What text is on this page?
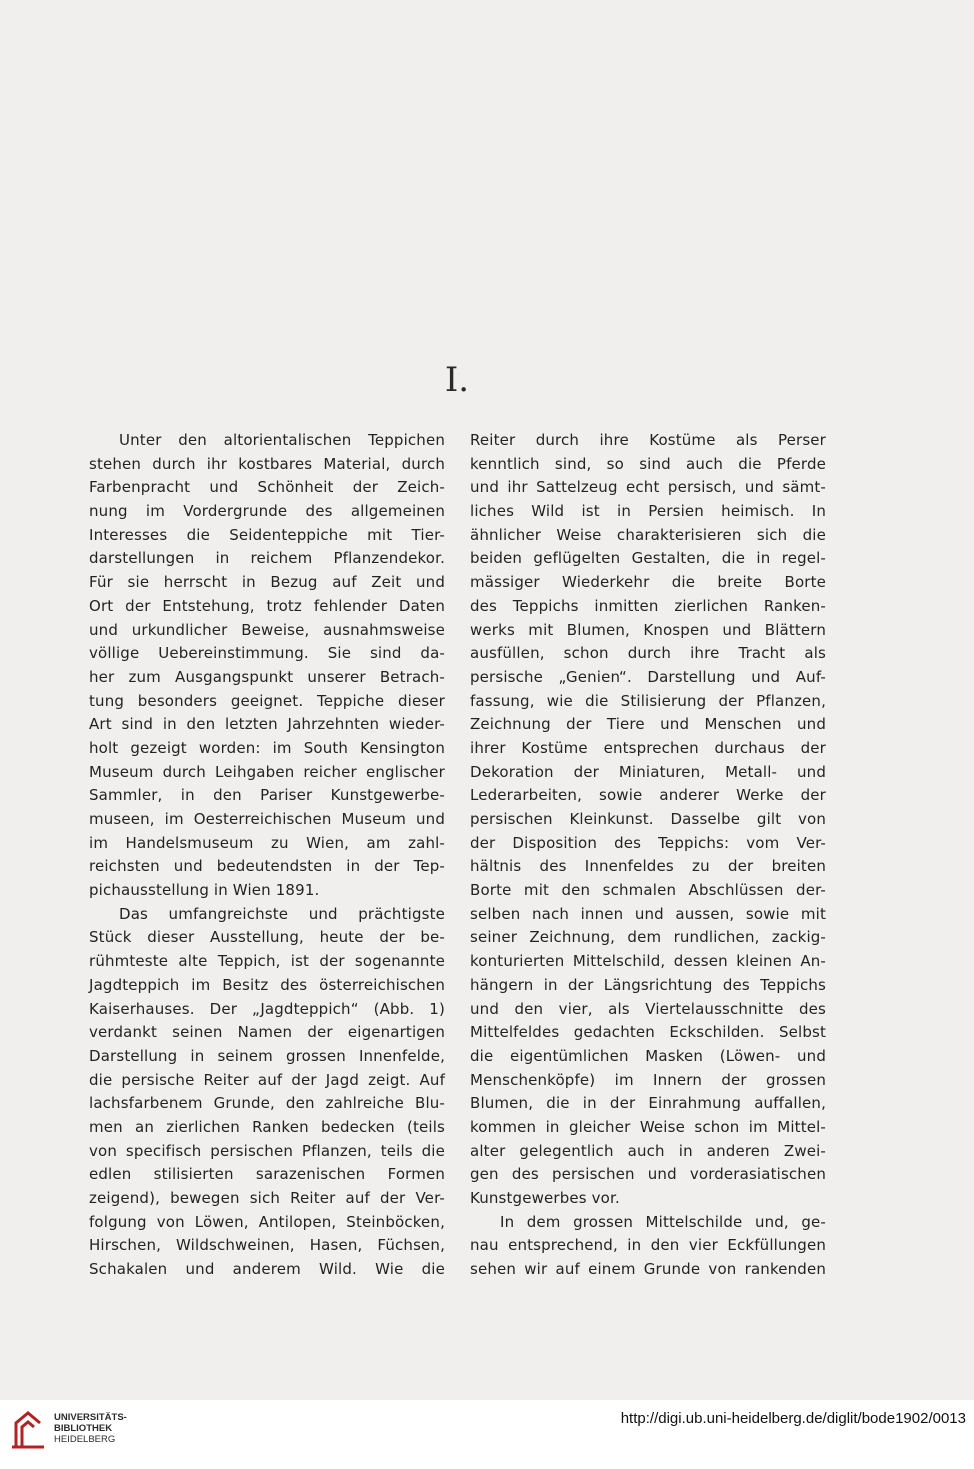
I.
Unter den altorientalischen Teppichen
stehen durch ihr kostbares Material, durch
Farbenpracht und Schönheit der Zeich-
nung im Vordergrunde des allgemeinen
Interesses die Seidenteppiche mit Tier-
darstellungen in reichem Pflanzendekor.
Für sie herrscht in Bezug auf Zeit und
Ort der Entstehung, trotz fehlender Daten
und urkundlicher Beweise, ausnahmsweise
völlige Uebereinstimmung. Sie sind da-
her zum Ausgangspunkt unserer Betrach-
tung besonders geeignet. Teppiche dieser
Art sind in den letzten Jahrzehnten wieder-
holt gezeigt worden: im South Kensington
Museum durch Leihgaben reicher englischer
Sammler, in den Pariser Kunstgewerbe-
museen, im Oesterreichischen Museum und
im Handelsmuseum zu Wien, am zahl-
reichsten und bedeutendsten in der Tep-
pichausstellung in Wien 1891.
Das umfangreichste und prächtigste
Stück dieser Ausstellung, heute der be-
rühmteste alte Teppich, ist der sogenannte
Jagdteppich im Besitz des österreichischen
Kaiserhauses. Der „Jagdteppich“ (Abb. 1)
verdankt seinen Namen der eigenartigen
Darstellung in seinem grossen Innenfelde,
die persische Reiter auf der Jagd zeigt. Auf
lachsfarbenem Grunde, den zahlreiche Blu-
men an zierlichen Ranken bedecken (teils
von specifisch persischen Pflanzen, teils die
edlen stilisierten sarazenischen Formen
zeigend), bewegen sich Reiter auf der Ver-
folgung von Löwen, Antilopen, Steinböcken,
Hirschen, Wildschweinen, Hasen, Füchsen,
Schakalen und anderem Wild. Wie die
Reiter durch ihre Kostüme als Perser
kenntlich sind, so sind auch die Pferde
und ihr Sattelzeug echt persisch, und sämt-
liches Wild ist in Persien heimisch. In
ähnlicher Weise charakterisieren sich die
beiden geflügelten Gestalten, die in regel-
mässiger Wiederkehr die breite Borte
des Teppichs inmitten zierlichen Ranken-
werks mit Blumen, Knospen und Blättern
ausfüllen, schon durch ihre Tracht als
persische „Genien“. Darstellung und Auf-
fassung, wie die Stilisierung der Pflanzen,
Zeichnung der Tiere und Menschen und
ihrer Kostüme entsprechen durchaus der
Dekoration der Miniaturen, Metall- und
Lederarbeiten, sowie anderer Werke der
persischen Kleinkunst. Dasselbe gilt von
der Disposition des Teppichs: vom Ver-
hältnis des Innenfeldes zu der breiten
Borte mit den schmalen Abschlüssen der-
selben nach innen und aussen, sowie mit
seiner Zeichnung, dem rundlichen, zackig-
konturierten Mittelschild, dessen kleinen An-
hängern in der Längsrichtung des Teppichs
und den vier, als Viertelausschnitte des
Mittelfeldes gedachten Eckschilden. Selbst
die eigentümlichen Masken (Löwen- und
Menschenköpfe) im Innern der grossen
Blumen, die in der Einrahmung auffallen,
kommen in gleicher Weise schon im Mittel-
alter gelegentlich auch in anderen Zwei-
gen des persischen und vorderasiatischen
Kunstgewerbes vor.
In dem grossen Mittelschilde und, ge-
nau entsprechend, in den vier Eckfüllungen
sehen wir auf einem Grunde von rankenden
UNIVERSITÄTS-
BIBLIOTHEK
HEIDELBERG
http://digi.ub.uni-heidelberg.de/diglit/bode1902/0013
